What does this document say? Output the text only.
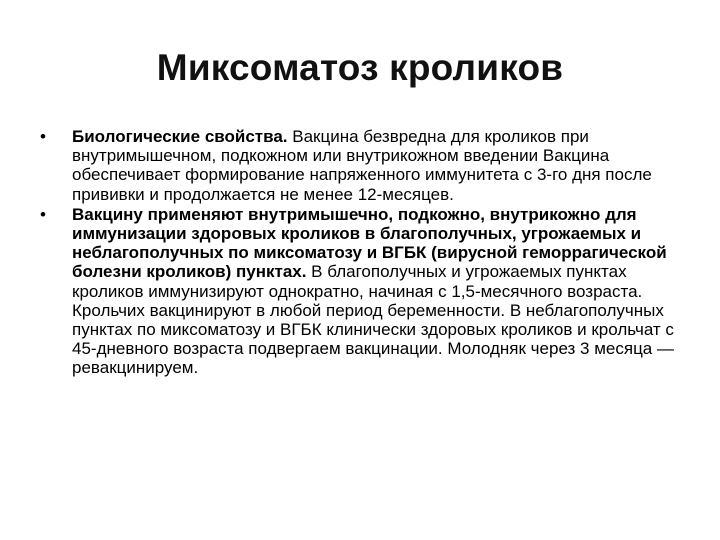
Миксоматоз кроликов
• Биологические свойства. Вакцина безвредна для кроликов при внутримышечном, подкожном или внутрикожном введении Вакцина обеспечивает формирование напряженного иммунитета с 3-го дня после прививки и продолжается не менее 12-месяцев.
• Вакцину применяют внутримышечно, подкожно, внутрикожно для иммунизации здоровых кроликов в благополучных, угрожаемых и неблагополучных по миксоматозу и ВГБК (вирусной геморрагической болезни кроликов) пунктах. В благополучных и угрожаемых пунктах кроликов иммунизируют однократно, начиная с 1,5-месячного возраста. Крольчих вакцинируют в любой период беременности. В неблагополучных пунктах по миксоматозу и ВГБК клинически здоровых кроликов и крольчат с 45-дневного возраста подвергаем вакцинации. Молодняк через 3 месяца — ревакцинируем.
